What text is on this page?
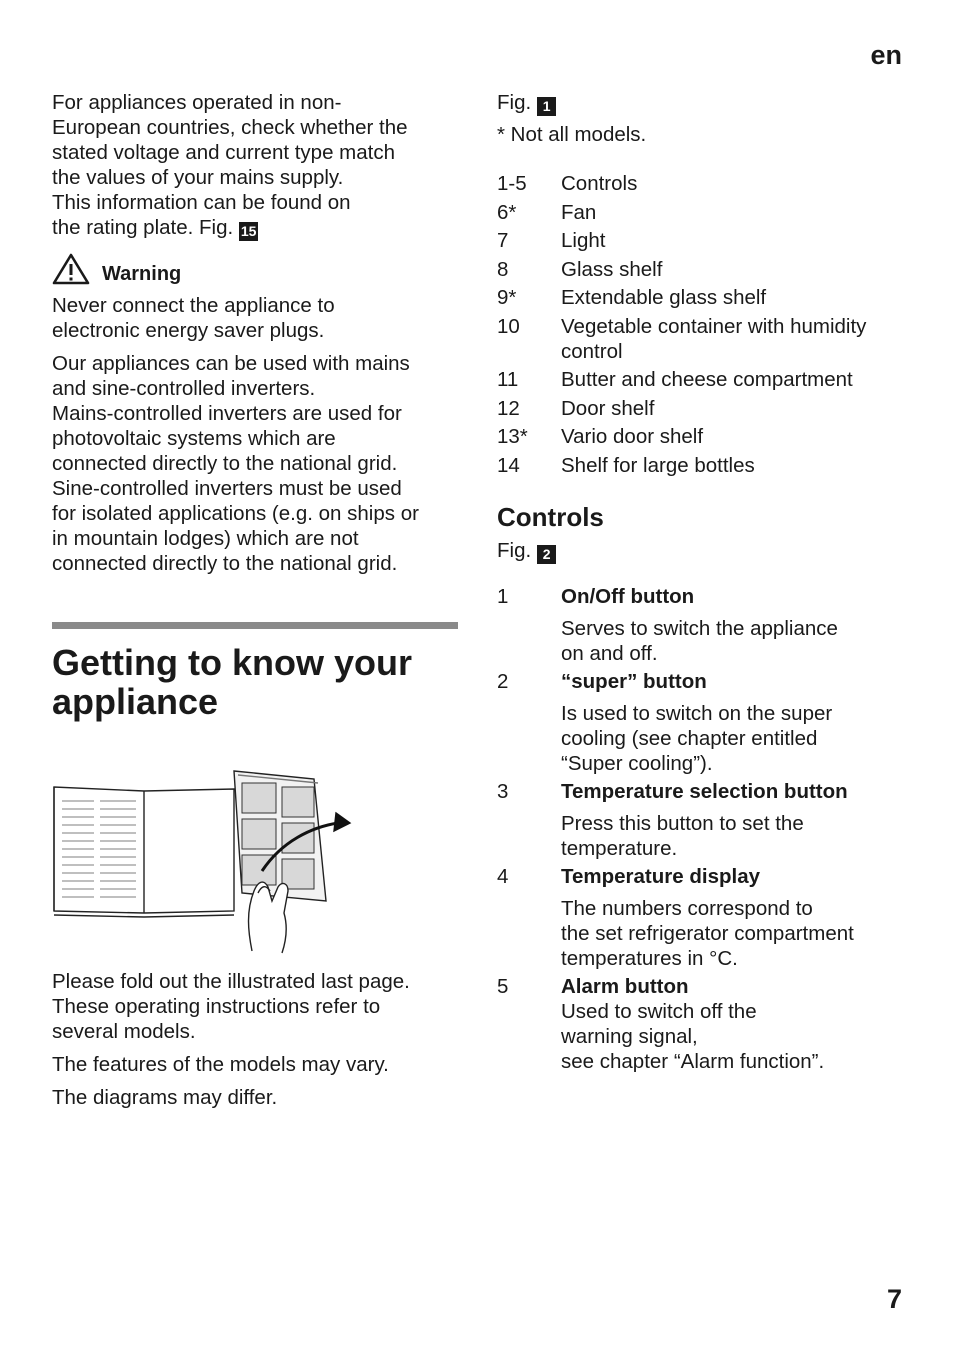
en
7

For appliances operated in non-

European countries, check whether the

stated voltage and current type match

the values of your mains supply.

This information can be found on

the rating plate. Fig. 15

Warning

Never connect the appliance to

electronic energy saver plugs.

Our appliances can be used with mains

and sine-controlled inverters.

Mains-controlled inverters are used for

photovoltaic systems which are

connected directly to the national grid.

Sine-controlled inverters must be used

for isolated applications (e.g. on ships or

in mountain lodges) which are not

connected directly to the national grid.

Getting to know your
appliance

Please fold out the illustrated last page.

These operating instructions refer to

several models.

The features of the models may vary.

The diagrams may differ.

Fig. 1

* Not all models.

1-5	Controls
6*	Fan
7	Light
8	Glass shelf
9*	Extendable glass shelf
10	Vegetable container with humidity
control
11	Butter and cheese compartment
12	Door shelf
13*	Vario door shelf
14	Shelf for large bottles
Controls

Fig. 2

1	On/Off button
Serves to switch the appliance
on and off.
2	“super” button
Is used to switch on the super
cooling (see chapter entitled
“Super cooling”).
3	Temperature selection button
Press this button to set the
temperature.
4	Temperature display
The numbers correspond to
the set refrigerator compartment
temperatures in °C.
5	Alarm button
Used to switch off the
warning signal,
see chapter “Alarm function”.
